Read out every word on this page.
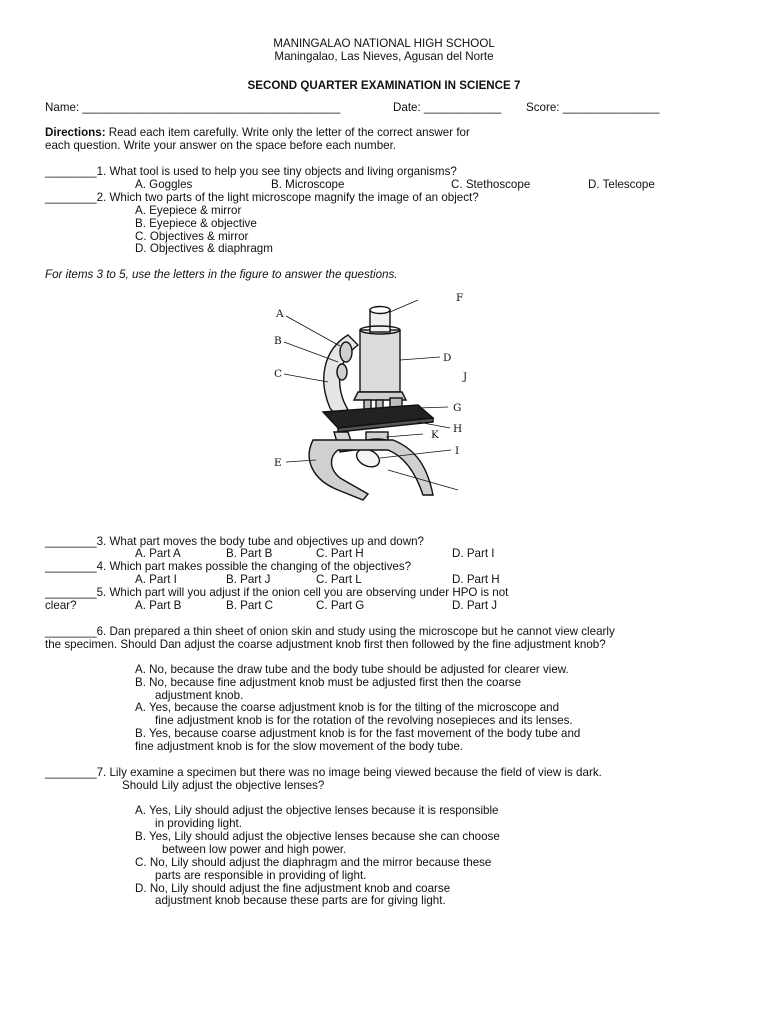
MANINGALAO NATIONAL HIGH SCHOOL
Maningalao, Las Nieves, Agusan del Norte
SECOND QUARTER EXAMINATION IN SCIENCE 7
Name: ________________________________________	Date: ____________ Score: _______________
Directions: Read each item carefully. Write only the letter of the correct answer for
each question. Write your answer on the space before each number.
________1. What tool is used to help you see tiny objects and living organisms?
A. Goggles	B. Microscope	C. Stethoscope	D. Telescope
________2. Which two parts of the light microscope magnify the image of an object?
A. Eyepiece & mirror
B. Eyepiece & objective
C. Objectives & mirror
D. Objectives & diaphragm
For items 3 to 5, use the letters in the figure to answer the questions.
A
B
C
D
E
F
G
H
I
J
K
________3. What part moves the body tube and objectives up and down?
A. Part A	B. Part B	C. Part H	D. Part I
________4. Which part makes possible the changing of the objectives?
A. Part I	B. Part J	C. Part L	D. Part H
________5. Which part will you adjust if the onion cell you are observing under HPO is not
clear?	A. Part B	B. Part C	C. Part G	D. Part J
________6. Dan prepared a thin sheet of onion skin and study using the microscope but he cannot view clearly
the specimen. Should Dan adjust the coarse adjustment knob first then followed by the fine adjustment knob?
A. No, because the draw tube and the body tube should be adjusted for clearer view.
B. No, because fine adjustment knob must be adjusted first then the coarse
adjustment knob.
A. Yes, because the coarse adjustment knob is for the tilting of the microscope and
fine adjustment knob is for the rotation of the revolving nosepieces and its lenses.
B. Yes, because coarse adjustment knob is for the fast movement of the body tube and
fine adjustment knob is for the slow movement of the body tube.
________7. Lily examine a specimen but there was no image being viewed because the field of view is dark.
Should Lily adjust the objective lenses?
A. Yes, Lily should adjust the objective lenses because it is responsible
in providing light.
B. Yes, Lily should adjust the objective lenses because she can choose
between low power and high power.
C. No, Lily should adjust the diaphragm and the mirror because these
parts are responsible in providing of light.
D. No, Lily should adjust the fine adjustment knob and coarse
adjustment knob because these parts are for giving light.
